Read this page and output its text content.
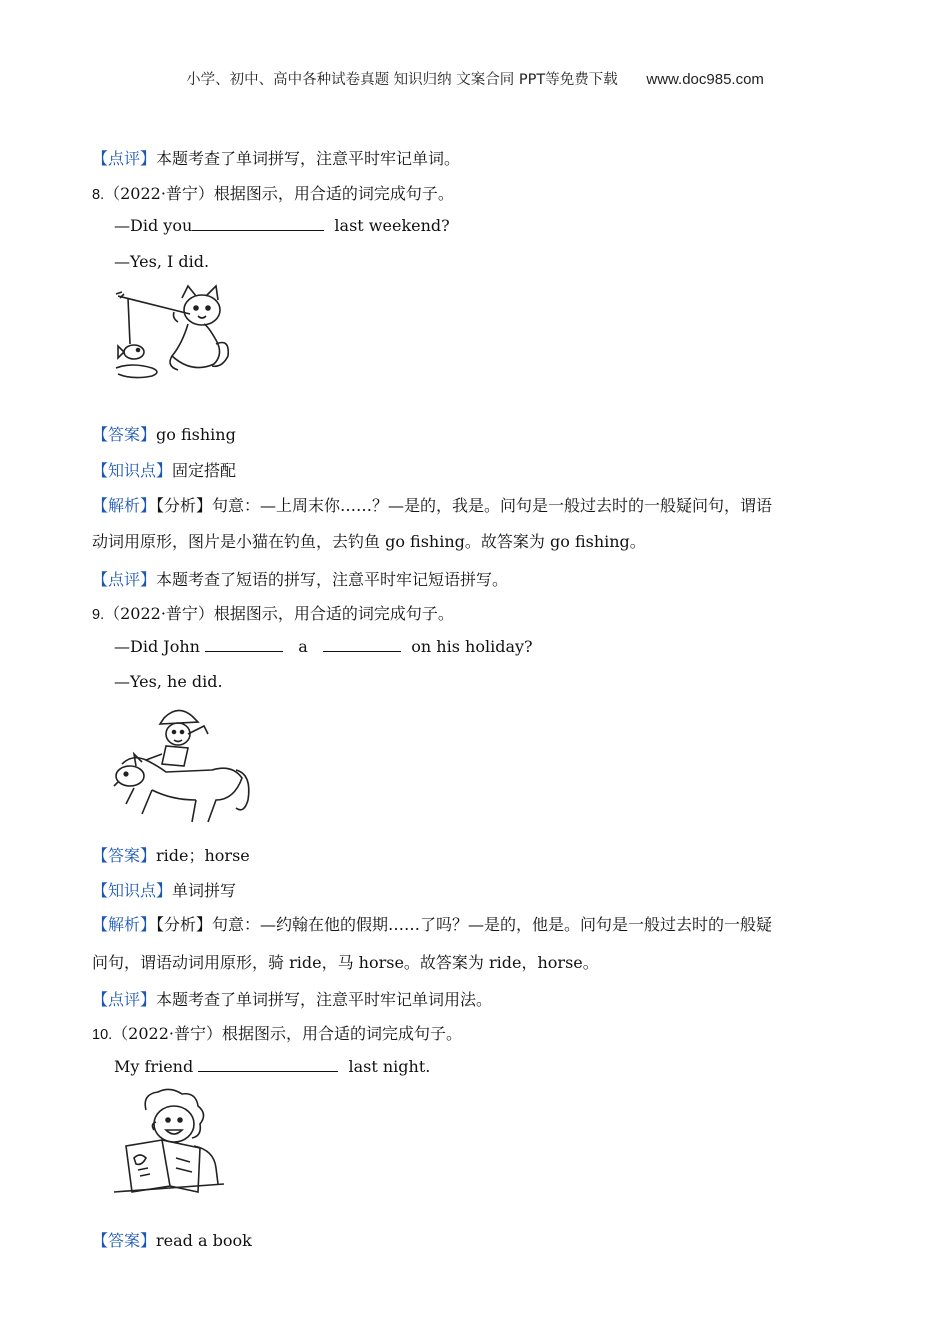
小学、初中、高中各种试卷真题 知识归纳 文案合同 PPT等免费下载 www.doc985.com
【点评】本题考查了单词拼写，注意平时牢记单词。
8.（2022·普宁）根据图示，用合适的词完成句子。
—Did you	last weekend?
—Yes, I did.
【答案】go fishing
【知识点】固定搭配
【解析】【分析】句意：—上周末你……？—是的，我是。问句是一般过去时的一般疑问句，谓语
动词用原形，图片是小猫在钓鱼，去钓鱼 go fishing。故答案为 go fishing。
【点评】本题考查了短语的拼写，注意平时牢记短语拼写。
9.（2022·普宁）根据图示，用合适的词完成句子。
—Did John	a	on his holiday?
—Yes, he did.
【答案】ride；horse
【知识点】单词拼写
【解析】【分析】句意：—约翰在他的假期……了吗？—是的，他是。问句是一般过去时的一般疑
问句，谓语动词用原形，骑 ride，马 horse。故答案为 ride，horse。
【点评】本题考查了单词拼写，注意平时牢记单词用法。
10.（2022·普宁）根据图示，用合适的词完成句子。
My friend	last night.
【答案】read a book
